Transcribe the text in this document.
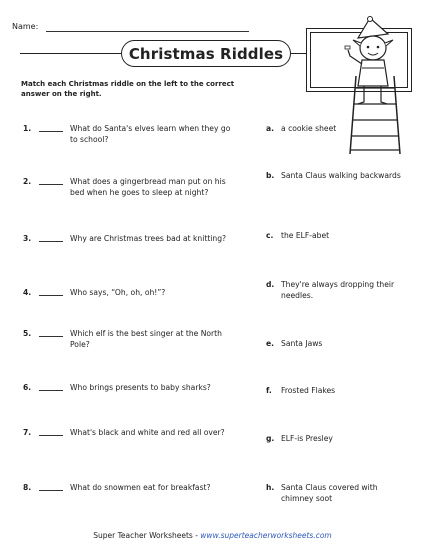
Name:
Christmas Riddles
Match each Christmas riddle on the left to the correct answer on the right.
1.	What do Santa's elves learn when they go to school?
2.	What does a gingerbread man put on his bed when he goes to sleep at night?
3.	Why are Christmas trees bad at knitting?
4.	Who says, “Oh, oh, oh!”?
5.	Which elf is the best singer at the North Pole?
6.	Who brings presents to baby sharks?
7.	What's black and white and red all over?
8.	What do snowmen eat for breakfast?
a. a cookie sheet
b. Santa Claus walking backwards
c.	the ELF-abet
d. They're always dropping their needles.
e. Santa Jaws
f.	Frosted Flakes
g. ELF-is Presley
h. Santa Claus covered with chimney soot
Super Teacher Worksheets - www.superteacherworksheets.com
